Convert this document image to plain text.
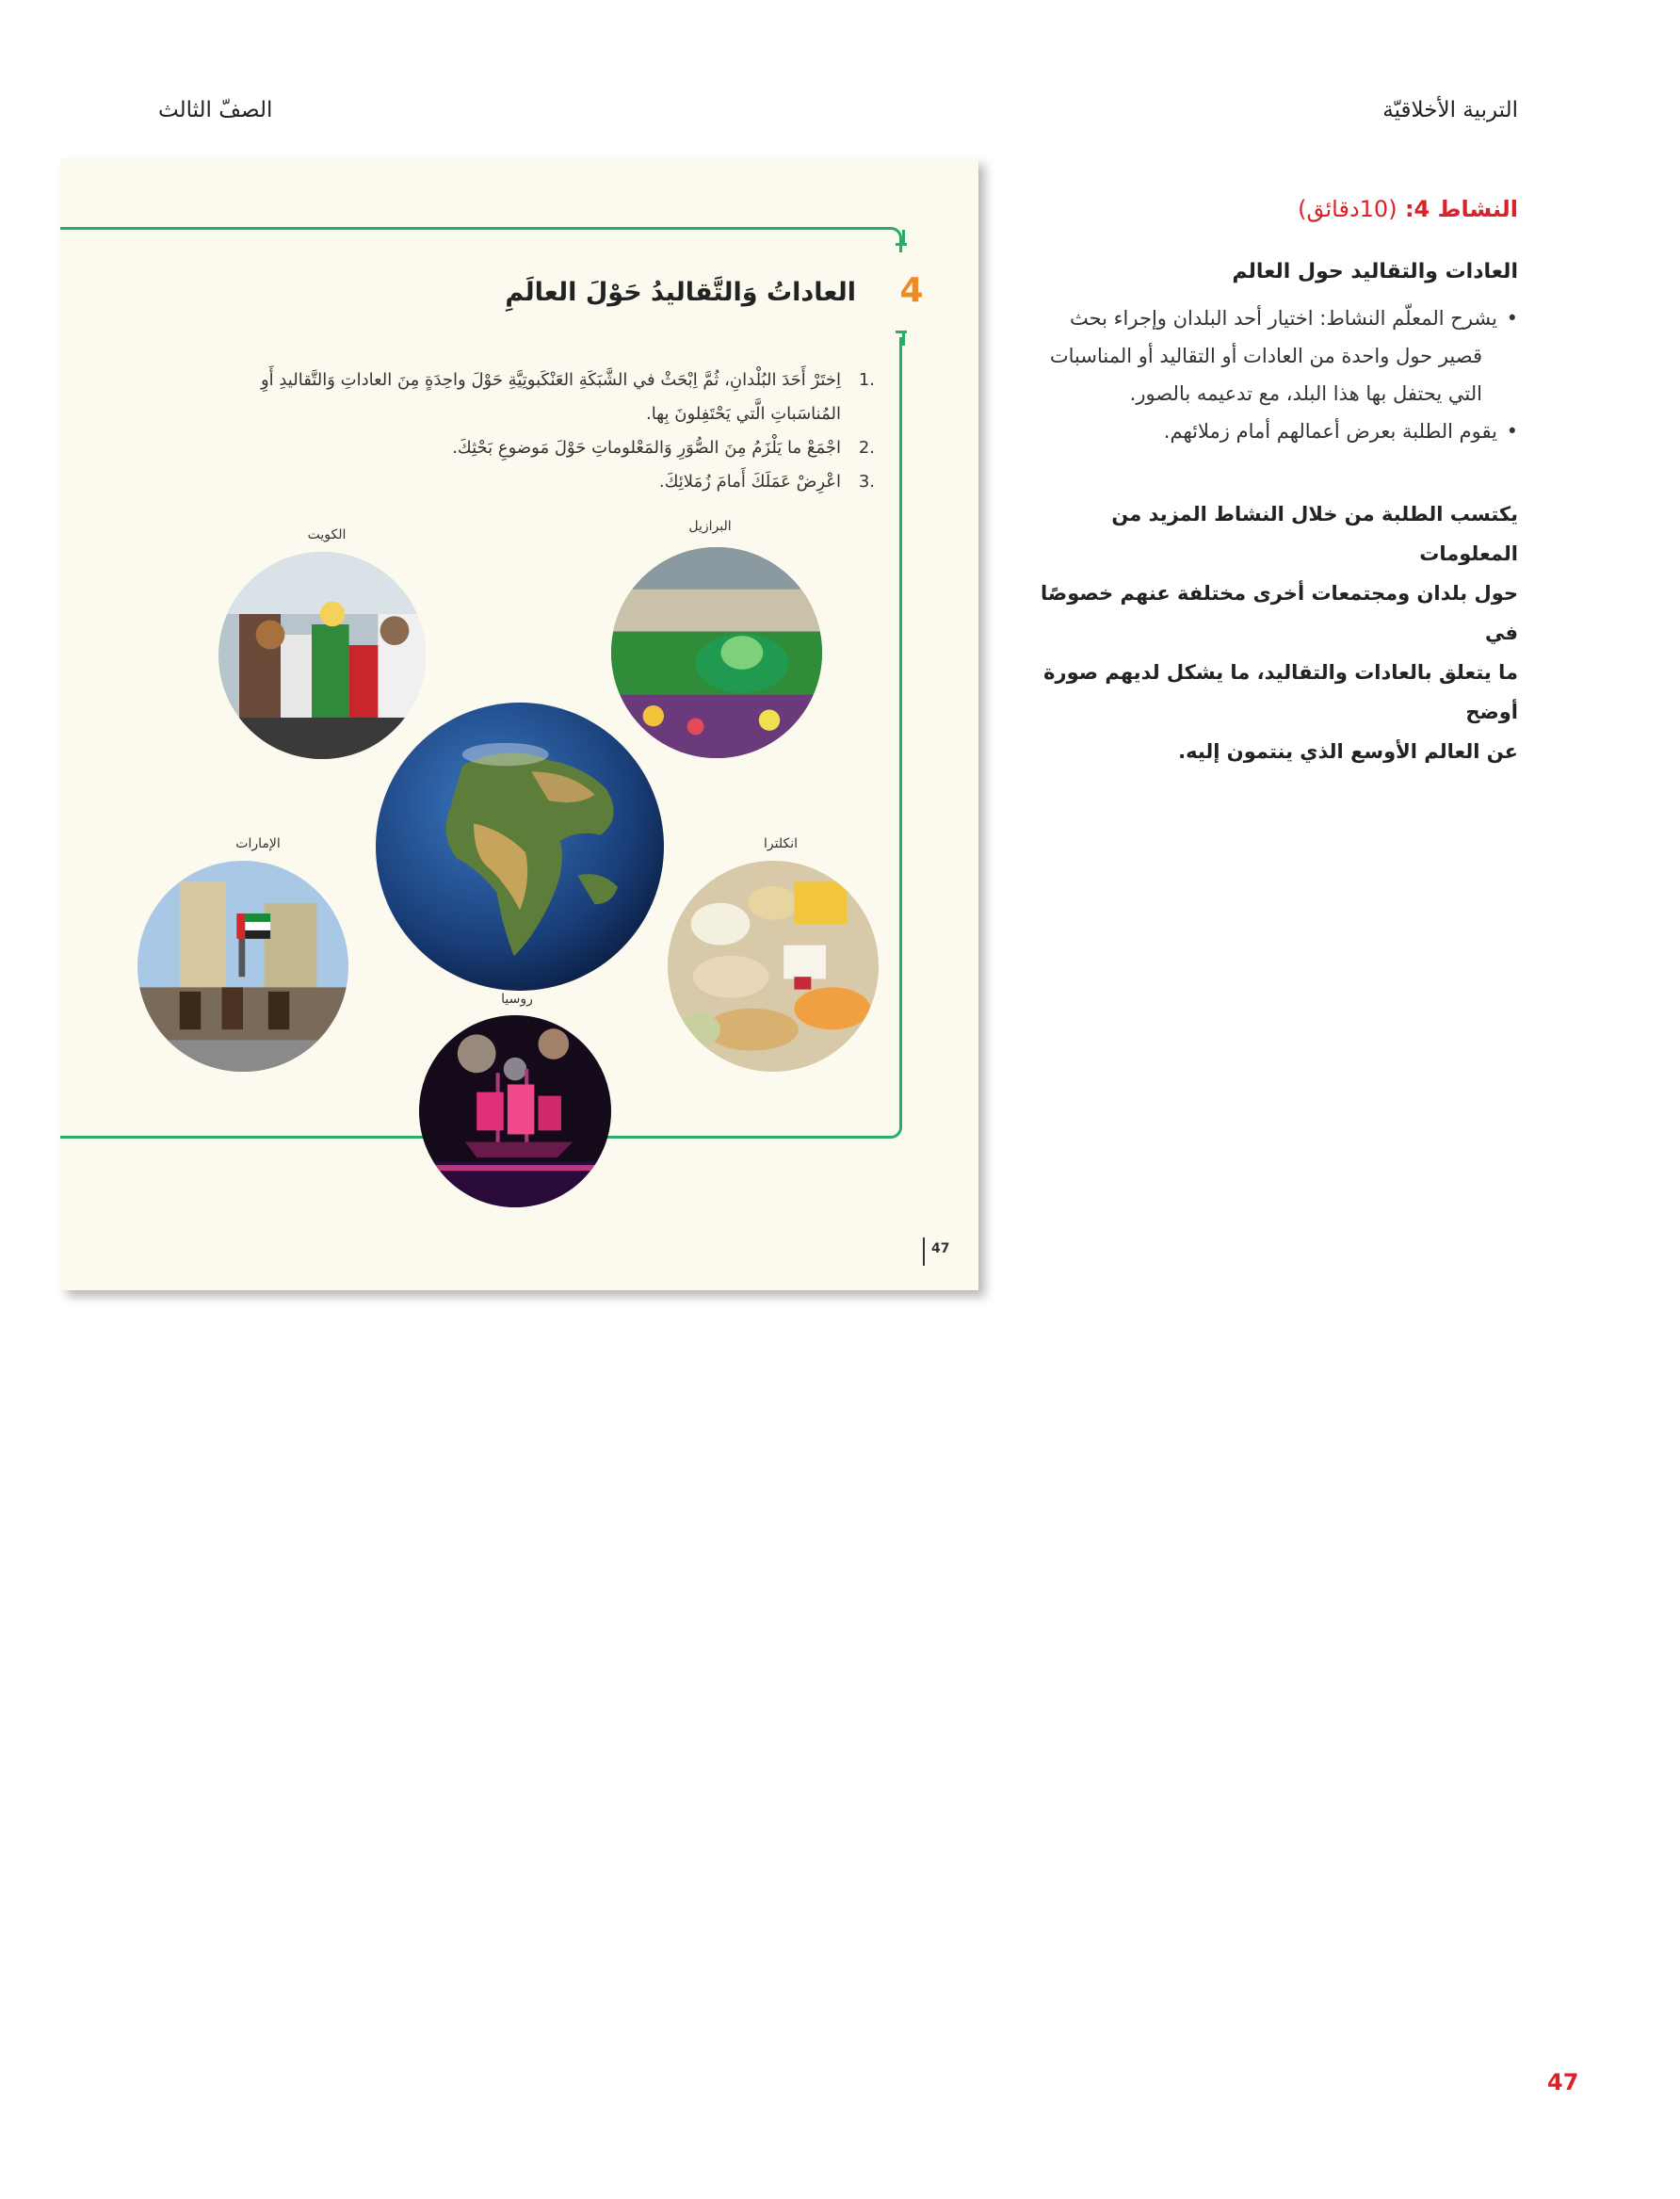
الصفّ الثالث	التربية الأخلاقيّة
4
العاداتُ وَالتَّقاليدُ حَوْلَ العالَمِ
.1
اِختَرْ أَحَدَ البُلْدانِ، ثُمَّ اِبْحَثْ في الشَّبَكَةِ العَنْكَبوتِيَّةِ حَوْلَ واحِدَةٍ مِنَ العاداتِ وَالتَّقاليدِ أَوِ المُناسَباتِ الَّتي يَحْتَفِلونَ بِها.
.2
اجْمَعْ ما يَلْزَمُ مِنَ الصُّوَرِ وَالمَعْلوماتِ حَوْلَ مَوضوعِ بَحْثِكَ.
.3
اعْرِضْ عَمَلَكَ أَمامَ زُمَلائِكَ.
الكويت
البرازيل
الإمارات	انكلترا
روسيا
47
النشاط 4: (10دقائق)
العادات والتقاليد حول العالم
• يشرح المعلّم النشاط: اختيار أحد البلدان وإجراء بحث
قصير حول واحدة من العادات أو التقاليد أو المناسبات
التي يحتفل بها هذا البلد، مع تدعيمه بالصور.
• يقوم الطلبة بعرض أعمالهم أمام زملائهم.
يكتسب الطلبة من خلال النشاط المزيد من المعلومات
حول بلدان ومجتمعات أخرى مختلفة عنهم خصوصًا في
ما يتعلق بالعادات والتقاليد، ما يشكل لديهم صورة أوضح
عن العالم الأوسع الذي ينتمون إليه.
47
